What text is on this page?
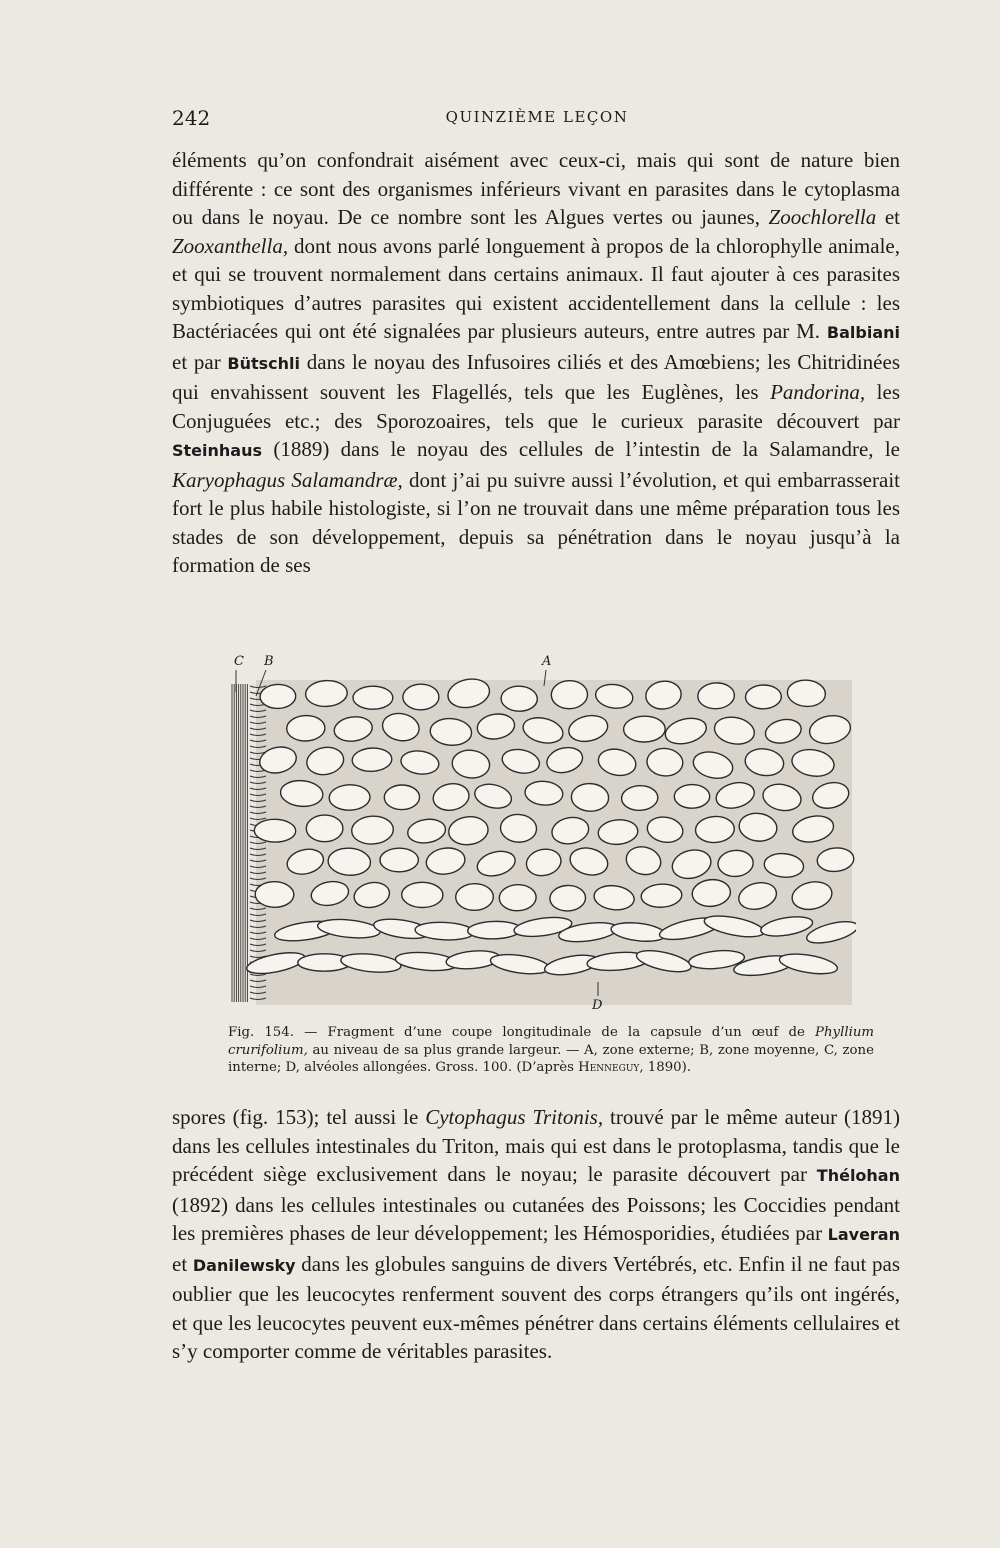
242	QUINZIÈME LEÇON

éléments qu’on confondrait aisément avec ceux-ci, mais qui sont de nature bien différente : ce sont des organismes inférieurs vivant en parasites dans le cytoplasma ou dans le noyau. De ce nombre sont les Algues vertes ou jaunes, Zoochlorella et Zooxanthella, dont nous avons parlé longuement à propos de la chlorophylle animale, et qui se trouvent normalement dans certains animaux. Il faut ajouter à ces parasites symbiotiques d’autres parasites qui existent accidentellement dans la cellule : les Bactériacées qui ont été signalées par plusieurs auteurs, entre autres par M. Balbiani et par Bütschli dans le noyau des Infusoires ciliés et des Amœbiens; les Chitridinées qui envahissent souvent les Flagellés, tels que les Euglènes, les Pandorina, les Conjuguées etc.; des Sporozoaires, tels que le curieux parasite découvert par Steinhaus (1889) dans le noyau des cellules de l’intestin de la Salamandre, le Karyophagus Salamandræ, dont j’ai pu suivre aussi l’évolution, et qui embarrasserait fort le plus habile histologiste, si l’on ne trouvait dans une même préparation tous les stades de son développement, depuis sa pénétration dans le noyau jusqu’à la formation de ses

C B	A
D
Fig. 154. — Fragment d’une coupe longitudinale de la capsule d’un œuf de Phyllium crurifolium, au niveau de sa plus grande largeur. — A, zone externe; B, zone moyenne, C, zone interne; D, alvéoles allongées. Gross. 100. (D’après Henneguy, 1890).

spores (fig. 153); tel aussi le Cytophagus Tritonis, trouvé par le même auteur (1891) dans les cellules intestinales du Triton, mais qui est dans le protoplasma, tandis que le précédent siège exclusivement dans le noyau; le parasite découvert par Thélohan (1892) dans les cellules intestinales ou cutanées des Poissons; les Coccidies pendant les premières phases de leur développement; les Hémosporidies, étudiées par Laveran et Danilewsky dans les globules sanguins de divers Vertébrés, etc. Enfin il ne faut pas oublier que les leucocytes renferment souvent des corps étrangers qu’ils ont ingérés, et que les leucocytes peuvent eux-mêmes pénétrer dans certains éléments cellulaires et s’y comporter comme de véritables parasites.
